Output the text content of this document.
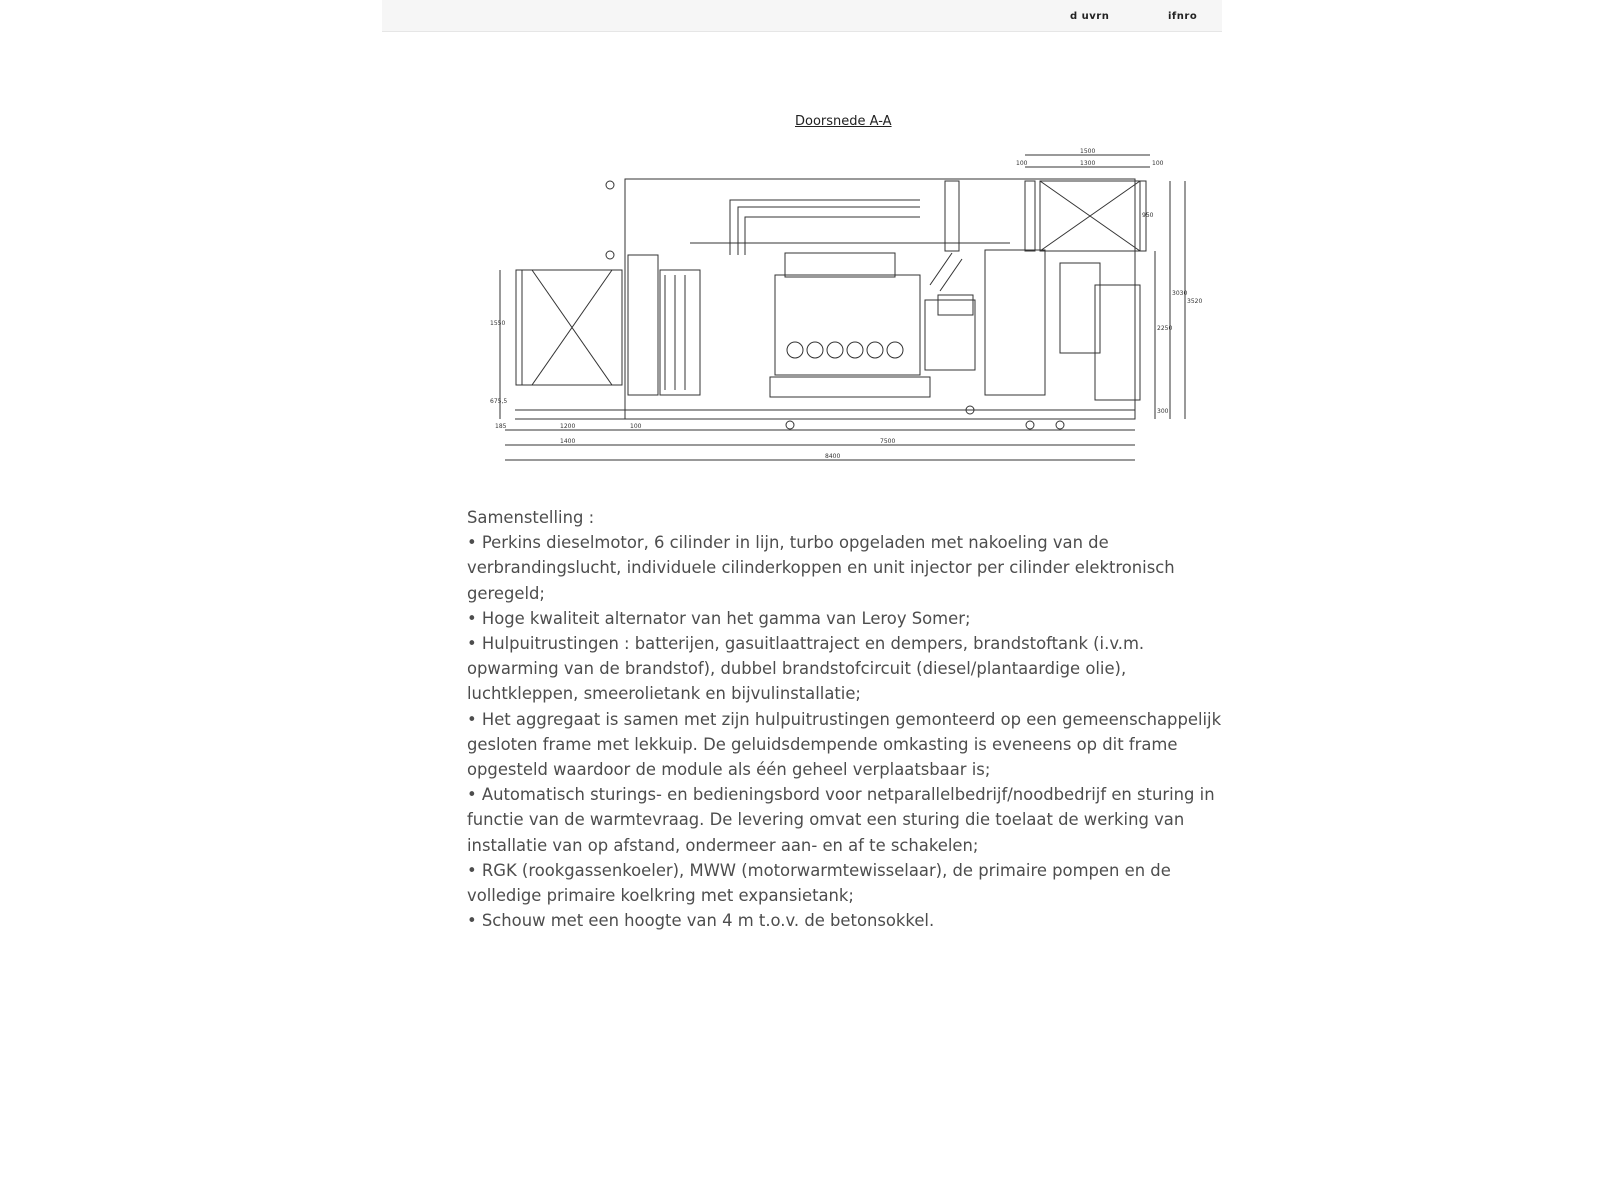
d uvrn	ifnro
Doorsnede A-A
1500
1300
100	100
950
3030
3520
2250
300
1550
675,5
185	1200	100
1400	7500
8400

Samenstelling :

• Perkins dieselmotor, 6 cilinder in lijn, turbo opgeladen met nakoeling van de verbrandingslucht, individuele cilinderkoppen en unit injector per cilinder elektronisch geregeld;

• Hoge kwaliteit alternator van het gamma van Leroy Somer;

• Hulpuitrustingen : batterijen, gasuitlaattraject en dempers, brandstoftank (i.v.m. opwarming van de brandstof), dubbel brandstofcircuit (diesel/plantaardige olie), luchtkleppen, smeerolietank en bijvulinstallatie;

• Het aggregaat is samen met zijn hulpuitrustingen gemonteerd op een gemeenschappelijk gesloten frame met lekkuip. De geluidsdempende omkasting is eveneens op dit frame opgesteld waardoor de module als één geheel verplaatsbaar is;

• Automatisch sturings- en bedieningsbord voor netparallelbedrijf/noodbedrijf en sturing in functie van de warmtevraag. De levering omvat een sturing die toelaat de werking van installatie van op afstand, ondermeer aan- en af te schakelen;

• RGK (rookgassenkoeler), MWW (motorwarmtewisselaar), de primaire pompen en de volledige primaire koelkring met expansietank;

• Schouw met een hoogte van 4 m t.o.v. de betonsokkel.
